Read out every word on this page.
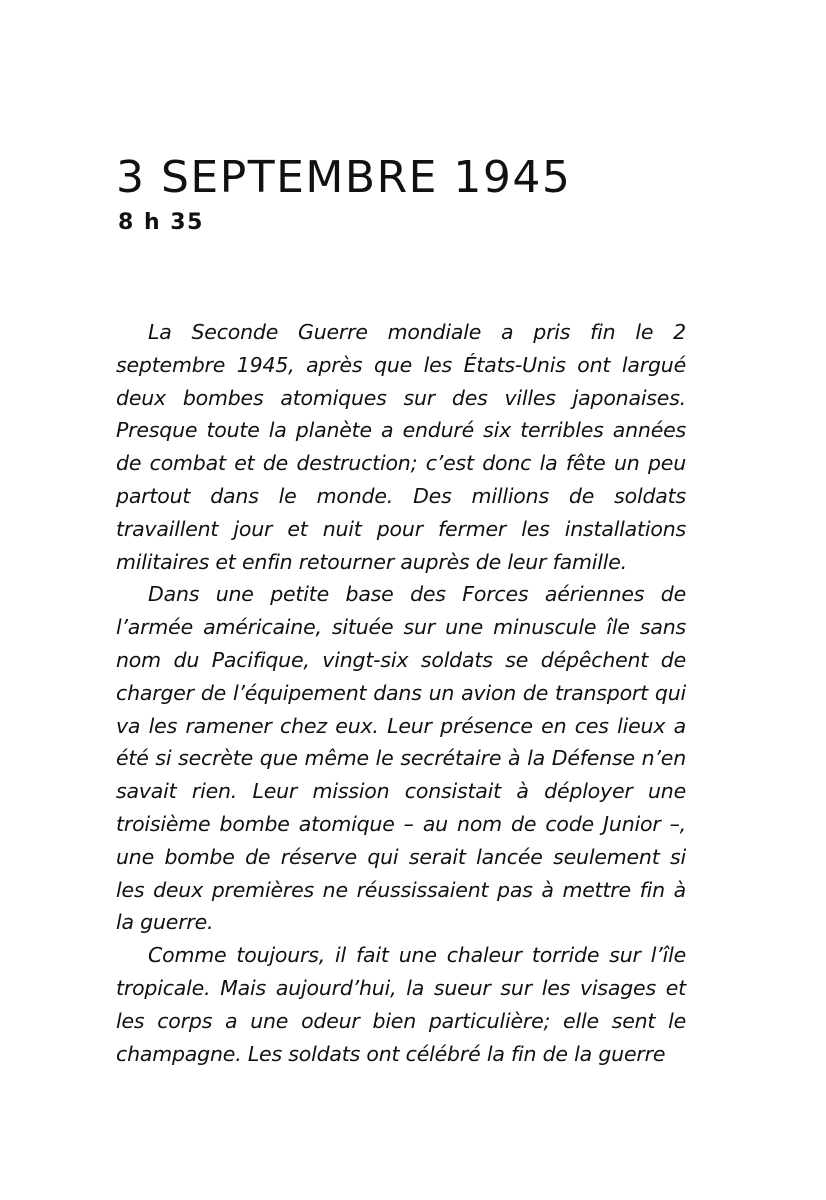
3 SEPTEMBRE 1945
8 h 35

La Seconde Guerre mondiale a pris fin le 2 septembre 1945, après que les États-Unis ont largué deux bombes atomiques sur des villes japonaises. Presque toute la planète a enduré six terribles années de combat et de destruction; c’est donc la fête un peu partout dans le monde. Des millions de soldats travaillent jour et nuit pour fermer les installations militaires et enfin retourner auprès de leur famille.

Dans une petite base des Forces aériennes de l’armée américaine, située sur une minuscule île sans nom du Pacifique, vingt-six soldats se dépêchent de charger de l’équipement dans un avion de transport qui va les ramener chez eux. Leur présence en ces lieux a été si secrète que même le secrétaire à la Défense n’en savait rien. Leur mission consistait à déployer une troisième bombe atomique – au nom de code Junior –, une bombe de réserve qui serait lancée seulement si les deux premières ne réussissaient pas à mettre fin à la guerre.

Comme toujours, il fait une chaleur torride sur l’île tropicale. Mais aujourd’hui, la sueur sur les visages et les corps a une odeur bien particulière; elle sent le champagne. Les soldats ont célébré la fin de la guerre
